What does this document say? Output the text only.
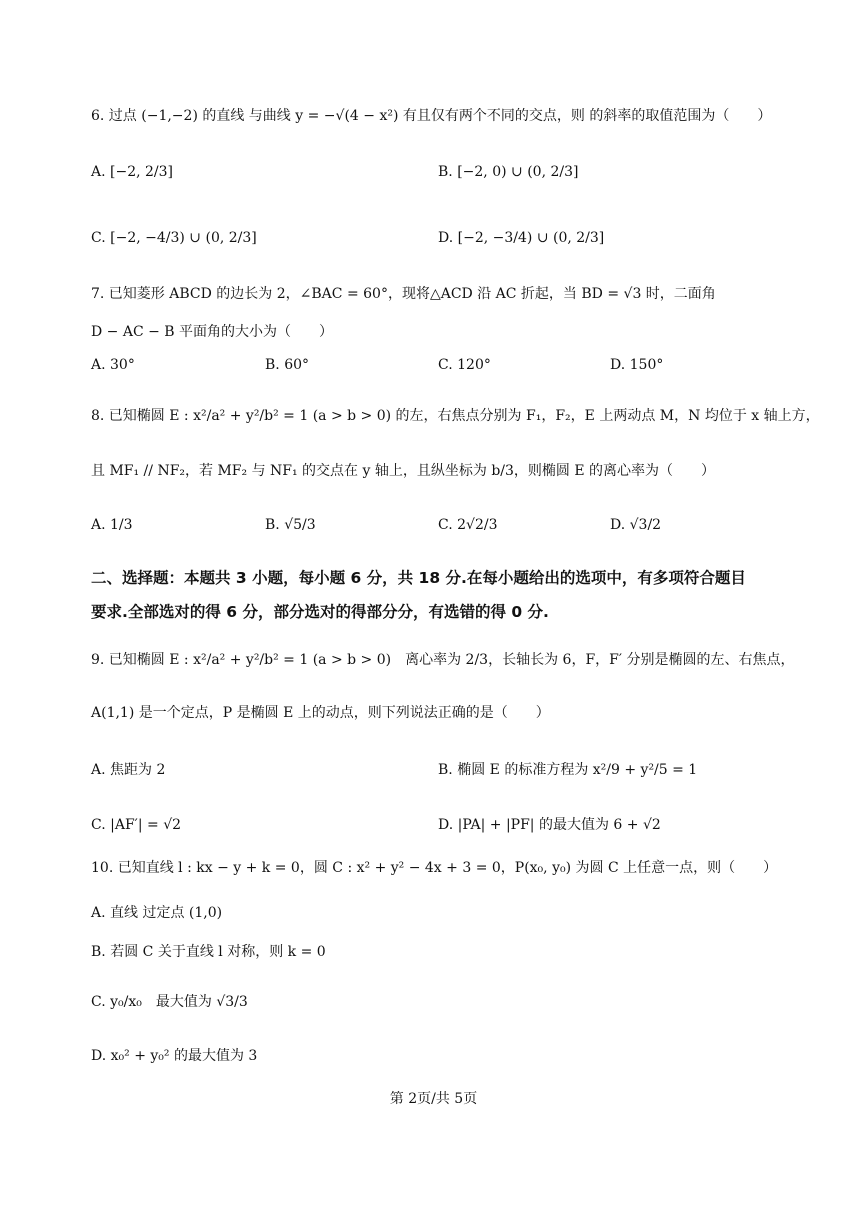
6. 过点 (−1,−2) 的直线 与曲线 y = −√(4 − x²) 有且仅有两个不同的交点，则 的斜率的取值范围为（　　）
A. [−2, 2/3]	B. [−2, 0) ∪ (0, 2/3]
C. [−2, −4/3) ∪ (0, 2/3]	D. [−2, −3/4) ∪ (0, 2/3]
7. 已知菱形 ABCD 的边长为 2，∠BAC = 60°，现将△ACD 沿 AC 折起，当 BD = √3 时，二面角
D − AC − B 平面角的大小为（　　）
A. 30°	B. 60°	C. 120°	D. 150°
8. 已知椭圆 E : x²/a² + y²/b² = 1 (a > b > 0) 的左，右焦点分别为 F₁，F₂，E 上两动点 M，N 均位于 x 轴上方，
且 MF₁ // NF₂，若 MF₂ 与 NF₁ 的交点在 y 轴上，且纵坐标为 b/3，则椭圆 E 的离心率为（　　）
A. 1/3	B. √5/3	C. 2√2/3	D. √3/2
二、选择题：本题共 3 小题，每小题 6 分，共 18 分.在每小题给出的选项中，有多项符合题目
要求.全部选对的得 6 分，部分选对的得部分分，有选错的得 0 分.
9. 已知椭圆 E : x²/a² + y²/b² = 1 (a > b > 0)　离心率为 2/3，长轴长为 6，F，F′ 分别是椭圆的左、右焦点，
A(1,1) 是一个定点，P 是椭圆 E 上的动点，则下列说法正确的是（　　）
A. 焦距为 2	B. 椭圆 E 的标准方程为 x²/9 + y²/5 = 1
C. |AF′| = √2	D. |PA| + |PF| 的最大值为 6 + √2
10. 已知直线 l : kx − y + k = 0，圆 C : x² + y² − 4x + 3 = 0，P(x₀, y₀) 为圆 C 上任意一点，则（　　）
A. 直线 过定点 (1,0)
B. 若圆 C 关于直线 l 对称，则 k = 0
C. y₀/x₀　最大值为 √3/3
D. x₀² + y₀² 的最大值为 3
第 2页/共 5页
